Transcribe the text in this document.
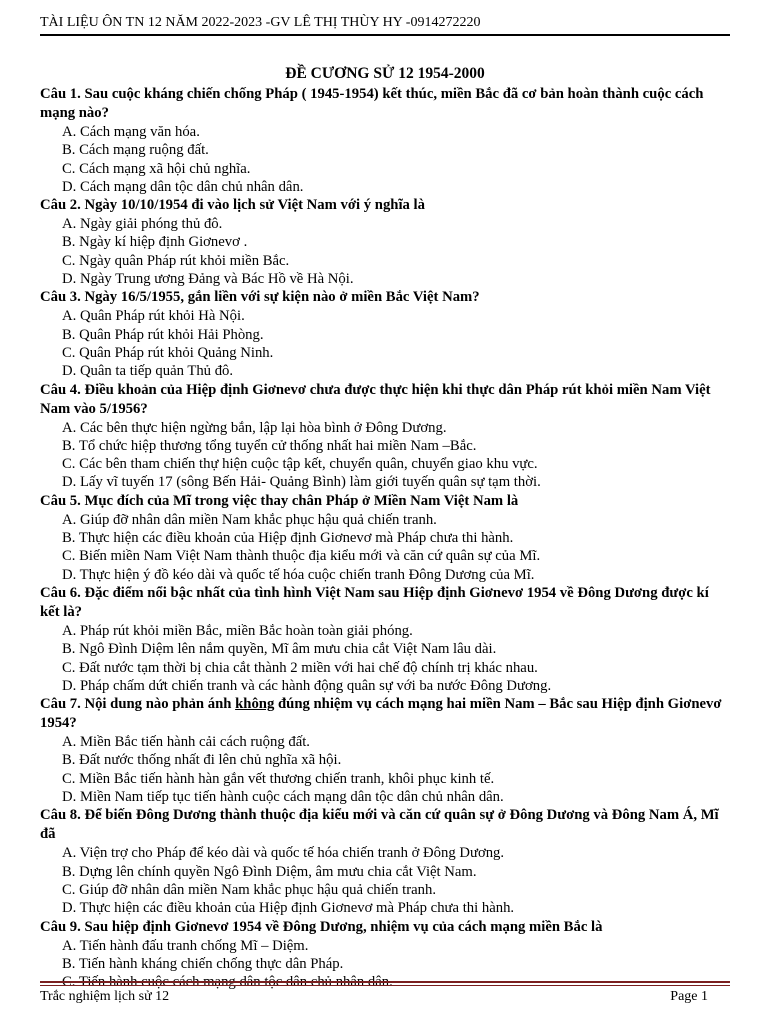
TÀI LIỆU ÔN TN 12 NĂM 2022-2023 -GV LÊ THỊ THÙY HY -0914272220
ĐỀ CƯƠNG SỬ 12 1954-2000

Câu 1. Sau cuộc kháng chiến chống Pháp ( 1945-1954) kết thúc, miền Bắc đã cơ bản hoàn thành cuộc cách mạng nào?

A. Cách mạng văn hóa.

B. Cách mạng ruộng đất.

C. Cách mạng xã hội chủ nghĩa.

D. Cách mạng dân tộc dân chủ nhân dân.

Câu 2. Ngày 10/10/1954 đi vào lịch sử Việt Nam với ý nghĩa là

A. Ngày giải phóng thủ đô.

B. Ngày kí hiệp định Giơnevơ .

C. Ngày quân Pháp rút khỏi miền Bắc.

D. Ngày Trung ương Đảng và Bác Hồ về Hà Nội.

Câu 3. Ngày 16/5/1955, gắn liền với sự kiện nào ở miền Bắc Việt Nam?

A. Quân Pháp rút khỏi Hà Nội.

B. Quân Pháp rút khỏi Hải Phòng.

C. Quân Pháp rút khỏi Quảng Ninh.

D. Quân ta tiếp quản Thủ đô.

Câu 4. Điều khoản của Hiệp định Giơnevơ chưa được thực hiện khi thực dân Pháp rút khỏi miền Nam Việt Nam vào 5/1956?

A. Các bên thực hiện ngừng bắn, lập lại hòa bình ở Đông Dương.

B. Tổ chức hiệp thương tổng tuyển cử thống nhất hai miền Nam –Bắc.

C. Các bên tham chiến thự hiện cuộc tập kết, chuyển quân, chuyển giao khu vực.

D. Lấy vĩ tuyến 17 (sông Bến Hải- Quảng Bình) làm giới tuyến quân sự tạm thời.

Câu 5. Mục đích của Mĩ trong việc thay chân Pháp ở Miền Nam Việt Nam là

A. Giúp đỡ nhân dân miền Nam khắc phục hậu quả chiến tranh.

B. Thực hiện các điều khoản của Hiệp định Giơnevơ mà Pháp chưa thi hành.

C. Biến miền Nam Việt Nam thành thuộc địa kiểu mới và căn cứ quân sự của Mĩ.

D. Thực hiện ý đồ kéo dài và quốc tế hóa cuộc chiến tranh Đông Dương của Mĩ.

Câu 6. Đặc điểm nổi bậc nhất của tình hình Việt Nam sau Hiệp định Giơnevơ 1954 về Đông Dương được kí kết là?

A. Pháp rút khỏi miền Bắc, miền Bắc hoàn toàn giải phóng.

B. Ngô Đình Diệm lên nắm quyền, Mĩ âm mưu chia cắt Việt Nam lâu dài.

C. Đất nước tạm thời bị chia cắt thành 2 miền với hai chế độ chính trị khác nhau.

D. Pháp chấm dứt chiến tranh và các hành động quân sự với ba nước Đông Dương.

Câu 7. Nội dung nào phản ánh không đúng nhiệm vụ cách mạng hai miền Nam – Bắc sau Hiệp định Giơnevơ 1954?

A. Miền Bắc tiến hành cải cách ruộng đất.

B. Đất nước thống nhất đi lên chủ nghĩa xã hội.

C. Miền Bắc tiến hành hàn gắn vết thương chiến tranh, khôi phục kinh tế.

D. Miền Nam tiếp tục tiến hành cuộc cách mạng dân tộc dân chủ nhân dân.

Câu 8. Để biến Đông Dương thành thuộc địa kiểu mới và căn cứ quân sự ở Đông Dương và Đông Nam Á, Mĩ đã

A. Viện trợ cho Pháp để kéo dài và quốc tế hóa chiến tranh ở Đông Dương.

B. Dựng lên chính quyền Ngô Đình Diệm, âm mưu chia cắt Việt Nam.

C. Giúp đỡ nhân dân miền Nam khắc phục hậu quả chiến tranh.

D. Thực hiện các điều khoản của Hiệp định Giơnevơ mà Pháp chưa thi hành.

Câu 9. Sau hiệp định Giơnevơ 1954 về Đông Dương, nhiệm vụ của cách mạng miền Bắc là

A. Tiến hành đấu tranh chống Mĩ – Diệm.

B. Tiến hành kháng chiến chống thực dân Pháp.

C. Tiến hành cuộc cách mạng dân tộc dân chủ nhân dân.

Trắc nghiệm lịch sử 12	Page 1
